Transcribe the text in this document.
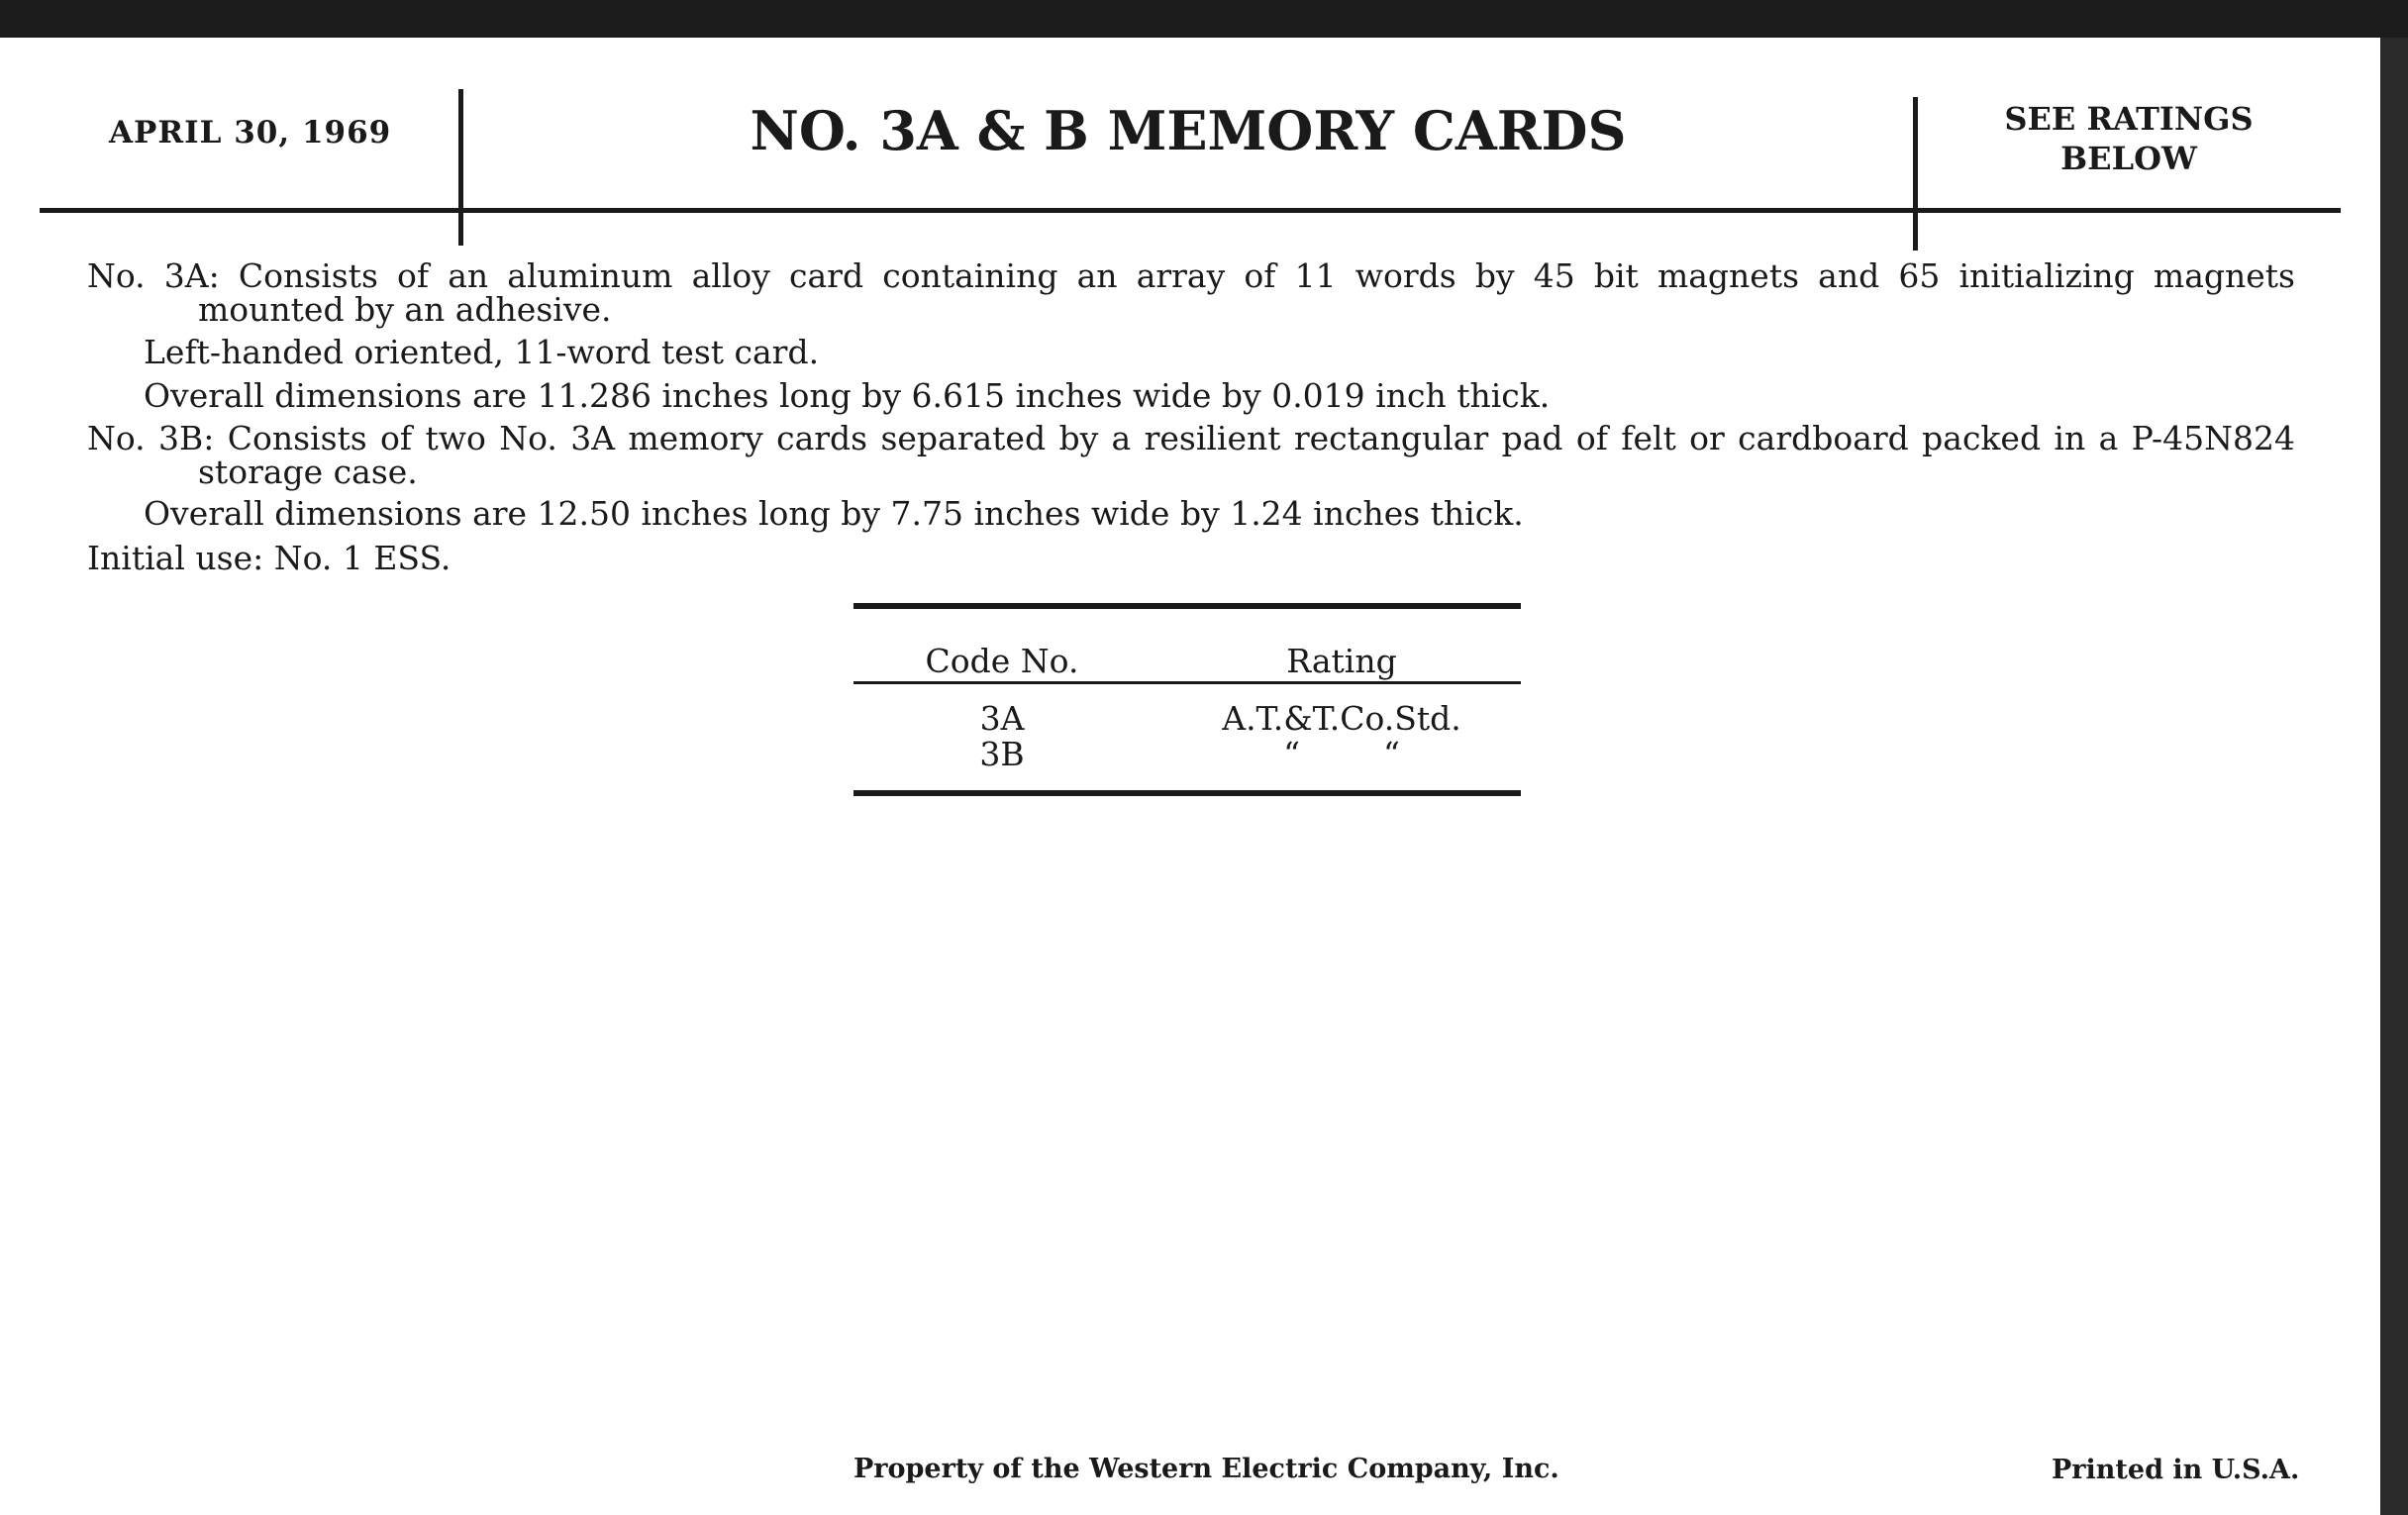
APRIL 30, 1969	NO. 3A & B MEMORY CARDS	SEE RATINGS
BELOW
No. 3A: Consists of an aluminum alloy card containing an array of 11 words by 45 bit magnets and 65 initializing magnets
mounted by an adhesive.
Left-handed oriented, 11-word test card.
Overall dimensions are 11.286 inches long by 6.615 inches wide by 0.019 inch thick.
No. 3B: Consists of two No. 3A memory cards separated by a resilient rectangular pad of felt or cardboard packed in a P-45N824
storage case.
Overall dimensions are 12.50 inches long by 7.75 inches wide by 1.24 inches thick.
Initial use: No. 1 ESS.
Code No.	Rating
3A	A.T.&T.Co.Std.
3B	“        “
Property of the Western Electric Company, Inc.	Printed in U.S.A.
